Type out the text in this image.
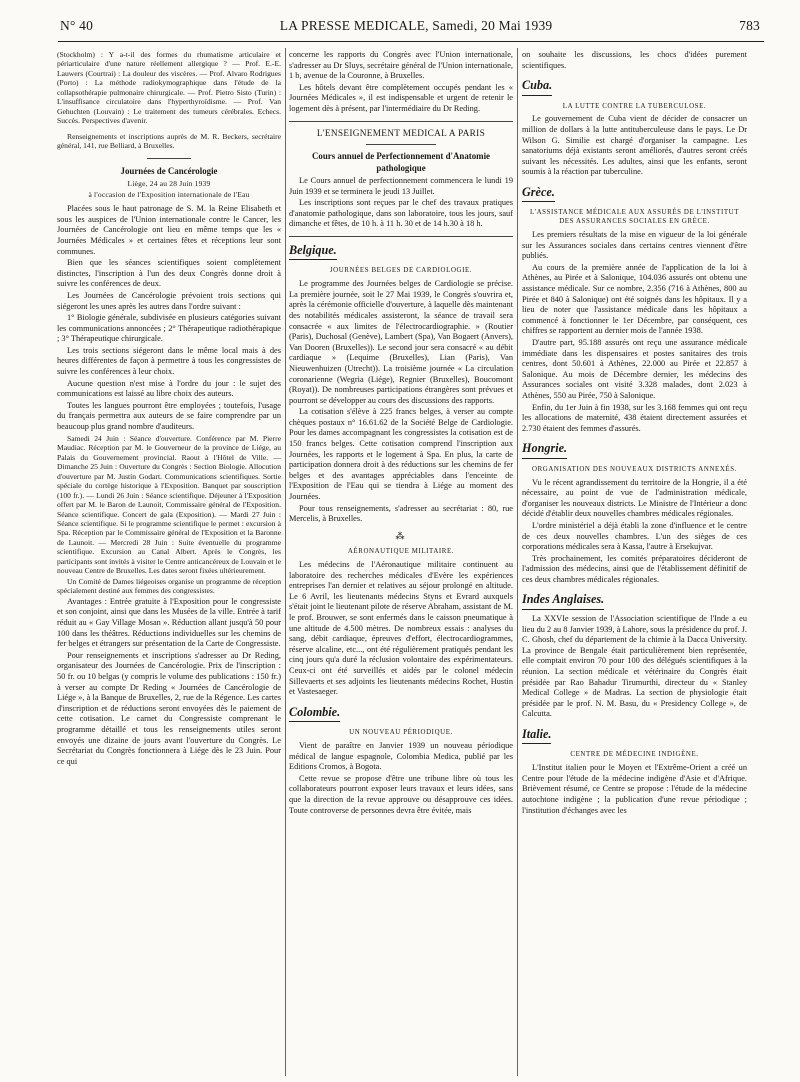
N° 40	LA PRESSE MEDICALE, Samedi, 20 Mai 1939	783

(Stockholm) : Y a-t-il des formes du rhumatisme articulaire et périarticulaire d'une nature réellement allergique ? — Prof. E.-E. Lauwers (Courtrai) : La douleur des viscères. — Prof. Alvaro Rodrigues (Porto) : La méthode radiokymographique dans l'étude de la collapsothérapie pulmonaire chirurgicale. — Prof. Pietro Sisto (Turin) : L'insuffisance circulatoire dans l'hyperthyroïdisme. — Prof. Van Gehuchten (Louvain) : Le traitement des tumeurs cérébrales. Echecs. Succès. Perspectives d'avenir.

Renseignements et inscriptions auprès de M. R. Beckers, secrétaire général, 141, rue Belliard, à Bruxelles.

Journées de Cancérologie
Liège, 24 au 28 Juin 1939
à l'occasion de l'Exposition internationale de l'Eau

Placées sous le haut patronage de S. M. la Reine Elisabeth et sous les auspices de l'Union internationale contre le Cancer, les Journées de Cancérologie ont lieu en même temps que les « Journées Médicales » et certaines fêtes et réceptions leur sont communes.

Bien que les séances scientifiques soient complètement distinctes, l'inscription à l'un des deux Congrès donne droit à suivre les conférences de deux.

Les Journées de Cancérologie prévoient trois sections qui siégeront les unes après les autres dans l'ordre suivant :

1° Biologie générale, subdivisée en plusieurs catégories suivant les communications annoncées ; 2° Thérapeutique radiothérapique ; 3° Thérapeutique chirurgicale.

Les trois sections siégeront dans le même local mais à des heures différentes de façon à permettre à tous les congressistes de suivre les conférences à leur choix.

Aucune question n'est mise à l'ordre du jour : le sujet des communications est laissé au libre choix des auteurs.

Toutes les langues pourront être employées ; toutefois, l'usage du français permettra aux auteurs de se faire comprendre par un beaucoup plus grand nombre d'auditeurs.

Samedi 24 Juin : Séance d'ouverture. Conférence par M. Pierre Maudiac. Réception par M. le Gouverneur de la province de Liége, au Palais du Gouvernement provincial. Raout à l'Hôtel de Ville. — Dimanche 25 Juin : Ouverture du Congrès : Section Biologie. Allocution d'ouverture par M. Justin Godart. Communications scientifiques. Sortie spéciale du cortège historique à l'Exposition. Banquet par souscription (100 fr.). — Lundi 26 Juin : Séance scientifique. Déjeuner à l'Exposition offert par M. le Baron de Launoit, Commissaire général de l'Exposition. Séance scientifique. Concert de gala (Exposition). — Mardi 27 Juin : Séance scientifique. Si le programme scientifique le permet : excursion à Spa. Réception par le Commissaire général de l'Exposition et la Baronne de Launoit. — Mercredi 28 Juin : Suite éventuelle du programme scientifique. Excursion au Canal Albert. Après le Congrès, les participants sont invités à visiter le Centre anticancéreux de Louvain et le nouveau Centre de Bruxelles. Les dates seront fixées ultérieurement.

Un Comité de Dames liégeoises organise un programme de réception spécialement destiné aux femmes des congressistes.

Avantages : Entrée gratuite à l'Exposition pour le congressiste et son conjoint, ainsi que dans les Musées de la ville. Entrée à tarif réduit au « Gay Village Mosan ». Réduction allant jusqu'à 50 pour 100 dans les théâtres. Réductions individuelles sur les chemins de fer belges et étrangers sur présentation de la Carte de Congressiste.

Pour renseignements et inscriptions s'adresser au Dr Reding, organisateur des Journées de Cancérologie. Prix de l'inscription : 50 fr. ou 10 belgas (y compris le volume des publications : 150 fr.) à verser au compte Dr Reding « Journées de Cancérologie de Liége », à la Banque de Bruxelles, 2, rue de la Régence. Les cartes d'inscription et de réductions seront envoyées dès le paiement de cette cotisation. Le carnet du Congressiste comprenant le programme détaillé et tous les renseignements utiles seront envoyés une dizaine de jours avant l'ouverture du Congrès. Le Secrétariat du Congrès fonctionnera à Liége dès le 23 Juin. Pour ce qui

concerne les rapports du Congrès avec l'Union internationale, s'adresser au Dr Sluys, secrétaire général de l'Union internationale, 1 b, avenue de la Couronne, à Bruxelles.

Les hôtels devant être complètement occupés pendant les « Journées Médicales », il est indispensable et urgent de retenir le logement dès à présent, par l'intermédiaire du Dr Reding.

L'ENSEIGNEMENT MEDICAL A PARIS
Cours annuel de Perfectionnement d'Anatomie pathologique

Le Cours annuel de perfectionnement commencera le lundi 19 Juin 1939 et se terminera le jeudi 13 Juillet.

Les inscriptions sont reçues par le chef des travaux pratiques d'anatomie pathologique, dans son laboratoire, tous les jours, sauf dimanche et fêtes, de 10 h. à 11 h. 30 et de 14 h.30 à 18 h.

Belgique.
JOURNÉES BELGES DE CARDIOLOGIE.

Le programme des Journées belges de Cardiologie se précise. La première journée, soit le 27 Mai 1939, le Congrès s'ouvrira et, après la cérémonie officielle d'ouverture, à laquelle dès maintenant des notabilités médicales assisteront, la séance de travail sera consacrée « aux limites de l'électrocardiographie. » (Routier (Paris), Duchosal (Genève), Lambert (Spa), Van Bogaert (Anvers), Van Dooren (Bruxelles)). Le second jour sera consacré « au débit cardiaque » (Lequime (Bruxelles), Lian (Paris), Van Nieuwenhuizen (Utrecht)). La troisième journée « La circulation coronarienne (Wegria (Liége), Regnier (Bruxelles), Boucomont (Royat)). De nombreuses participations étrangères sont prévues et pourront se développer au cours des discussions des rapports.

La cotisation s'élève à 225 francs belges, à verser au compte chèques postaux n° 16.61.62 de la Société Belge de Cardiologie. Pour les dames accompagnant les congressistes la cotisation est de 150 francs belges. Cette cotisation comprend l'inscription aux Journées, les rapports et le logement à Spa. En plus, la carte de participation donnera droit à des réductions sur les chemins de fer belges et des avantages appréciables dans l'enceinte de l'Exposition de l'Eau qui se tiendra à Liége au moment des Journées.

Pour tous renseignements, s'adresser au secrétariat : 80, rue Mercelis, à Bruxelles.

⁂
AÉRONAUTIQUE MILITAIRE.

Les médecins de l'Aéronautique militaire continuent au laboratoire des recherches médicales d'Evère les expériences entreprises l'an dernier et relatives au séjour prolongé en altitude. Le 6 Avril, les lieutenants médecins Styns et Evrard auxquels s'était joint le lieutenant pilote de réserve Abraham, assistant de M. le prof. Brouwer, se sont enfermés dans le caisson pneumatique à une altitude de 4.500 mètres. De nombreux essais : analyses du sang, débit cardiaque, épreuves d'effort, électrocardiogrammes, réserve alcaline, etc..., ont été régulièrement pratiqués pendant les cinq jours qu'a duré la réclusion volontaire des expérimentateurs. Ceux-ci ont été surveillés et aidés par le colonel médecin Sillevaerts et ses adjoints les lieutenants médecins Rochet, Hustin et Vastesaeger.

Colombie.
UN NOUVEAU PÉRIODIQUE.

Vient de paraître en Janvier 1939 un nouveau périodique médical de langue espagnole, Colombia Medica, publié par les Editions Cromos, à Bogota.

Cette revue se propose d'être une tribune libre où tous les collaborateurs pourront exposer leurs travaux et leurs idées, sans que la direction de la revue approuve ou désapprouve ces idées. Toute controverse de personnes devra être évitée, mais

on souhaite les discussions, les chocs d'idées purement scientifiques.

Cuba.
LA LUTTE CONTRE LA TUBERCULOSE.

Le gouvernement de Cuba vient de décider de consacrer un million de dollars à la lutte antituberculeuse dans le pays. Le Dr Wilson G. Similie est chargé d'organiser la campagne. Les sanatoriums déjà existants seront améliorés, d'autres seront créés suivant les nécessités. Les adultes, ainsi que les enfants, seront soumis à la réaction par tuberculine.

Grèce.
L'ASSISTANCE MÉDICALE AUX ASSURÉS DE L'INSTITUT DES ASSURANCES SOCIALES EN GRÈCE.

Les premiers résultats de la mise en vigueur de la loi générale sur les Assurances sociales dans certains centres viennent d'être publiés.

Au cours de la première année de l'application de la loi à Athènes, au Pirée et à Salonique, 104.036 assurés ont obtenu une assistance médicale. Sur ce nombre, 2.356 (716 à Athènes, 800 au Pirée et 840 à Salonique) ont été soignés dans les hôpitaux. Il y a lieu de noter que l'assistance médicale dans les hôpitaux a commencé à fonctionner le 1er Décembre, par conséquent, ces chiffres se rapportent au dernier mois de l'année 1938.

D'autre part, 95.188 assurés ont reçu une assurance médicale immédiate dans les dispensaires et postes sanitaires des trois centres, dont 50.601 à Athènes, 22.000 au Pirée et 22.857 à Salonique. Au mois de Décembre dernier, les médecins des Assurances sociales ont visité 3.328 malades, dont 2.023 à Athènes, 550 au Pirée, 750 à Salonique.

Enfin, du 1er Juin à fin 1938, sur les 3.168 femmes qui ont reçu les allocations de maternité, 438 étaient directement assurées et 2.730 étaient des femmes d'assurés.

Hongrie.
ORGANISATION DES NOUVEAUX DISTRICTS ANNEXÉS.

Vu le récent agrandissement du territoire de la Hongrie, il a été nécessaire, au point de vue de l'administration médicale, d'organiser les nouveaux districts. Le Ministre de l'Intérieur a donc décidé d'établir deux nouvelles chambres médicales régionales.

L'ordre ministériel a déjà établi la zone d'influence et le centre de ces deux nouvelles chambres. L'un des sièges de ces corporations médicales sera à Kassa, l'autre à Ersekujvar.

Très prochainement, les comités préparatoires décideront de l'admission des médecins, ainsi que de l'établissement définitif de ces deux chambres médicales régionales.

Indes Anglaises.

La XXVIe session de l'Association scientifique de l'Inde a eu lieu du 2 au 8 Janvier 1939, à Lahore, sous la présidence du prof. J. C. Ghosh, chef du département de la chimie à la Dacca University. La province de Bengale était particulièrement bien représentée, elle comptait environ 70 pour 100 des délégués scientifiques à la réunion. La section médicale et vétérinaire du Congrès était présidée par Rao Bahadur Tirumurthi, directeur du « Stanley Medical College » de Madras. La section de physiologie était présidée par le prof. N. M. Basu, du « Presidency College », de Calcutta.

Italie.
CENTRE DE MÉDECINE INDIGÈNE.

L'Institut italien pour le Moyen et l'Extrême-Orient a créé un Centre pour l'étude de la médecine indigène d'Asie et d'Afrique. Brièvement résumé, ce Centre se propose : l'étude de la médecine autochtone indigène ; la publication d'une revue périodique ; l'institution d'échanges avec les
